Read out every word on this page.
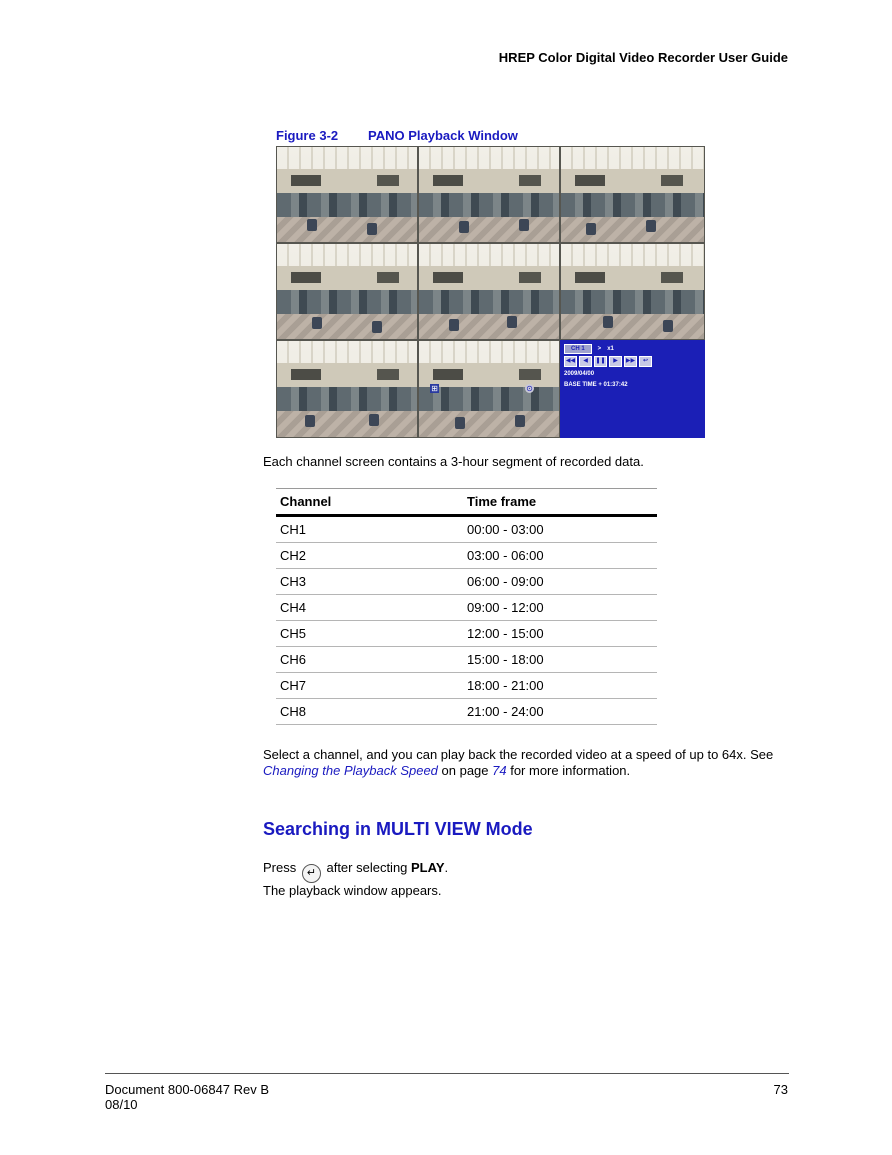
HREP Color Digital Video Recorder User Guide
Figure 3-2 PANO Playback Window
⊞	⊙
CH 1	> x1
◀◀	◀	❚❚	▶	▶▶	↩
2009/04/00
BASE TIME + 01:37:42
Each channel screen contains a 3-hour segment of recorded data.
Channel	Time frame
CH1	00:00 - 03:00
CH2	03:00 - 06:00
CH3	06:00 - 09:00
CH4	09:00 - 12:00
CH5	12:00 - 15:00
CH6	15:00 - 18:00
CH7	18:00 - 21:00
CH8	21:00 - 24:00
Select a channel, and you can play back the recorded video at a speed of up to 64x. See
Changing the Playback Speed on page 74 for more information.
Searching in MULTI VIEW Mode
Press ↵ after selecting PLAY.
The playback window appears.
Document 800-06847 Rev B
08/10
73
